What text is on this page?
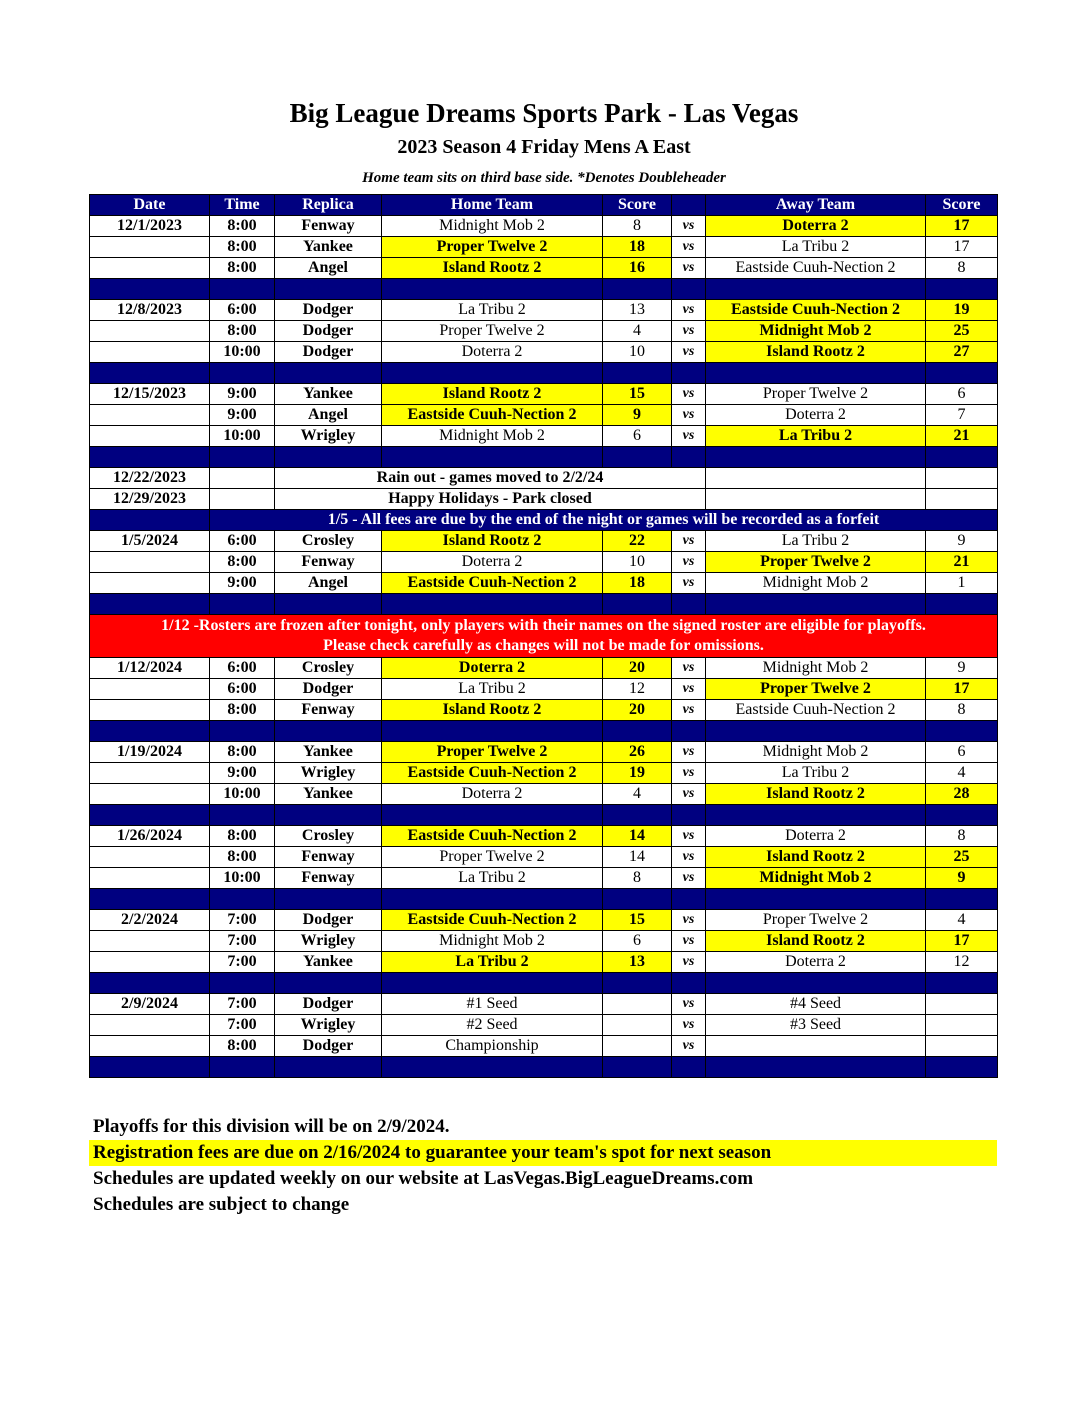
Big League Dreams Sports Park - Las Vegas
2023 Season 4 Friday Mens A East
Home team sits on third base side. *Denotes Doubleheader
Date	Time	Replica	Home Team	Score		Away Team	Score
12/1/2023	8:00	Fenway	Midnight Mob 2	8	vs	Doterra 2	17
	8:00	Yankee	Proper Twelve 2	18	vs	La Tribu 2	17
	8:00	Angel	Island Rootz 2	16	vs	Eastside Cuuh-Nection 2	8

12/8/2023	6:00	Dodger	La Tribu 2	13	vs	Eastside Cuuh-Nection 2	19
	8:00	Dodger	Proper Twelve 2	4	vs	Midnight Mob 2	25
	10:00	Dodger	Doterra 2	10	vs	Island Rootz 2	27

12/15/2023	9:00	Yankee	Island Rootz 2	15	vs	Proper Twelve 2	6
	9:00	Angel	Eastside Cuuh-Nection 2	9	vs	Doterra 2	7
	10:00	Wrigley	Midnight Mob 2	6	vs	La Tribu 2	21

12/22/2023		Rain out - games moved to 2/2/24					
12/29/2023		Happy Holidays - Park closed					
	1/5 - All fees are due by the end of the night or games will be recorded as a forfeit						
1/5/2024	6:00	Crosley	Island Rootz 2	22	vs	La Tribu 2	9
	8:00	Fenway	Doterra 2	10	vs	Proper Twelve 2	21
	9:00	Angel	Eastside Cuuh-Nection 2	18	vs	Midnight Mob 2	1

1/12 -Rosters are frozen after tonight, only players with their names on the signed roster are eligible for playoffs.
Please check carefully as changes will not be made for omissions.							

1/12/2024	6:00	Crosley	Doterra 2	20	vs	Midnight Mob 2	9
	6:00	Dodger	La Tribu 2	12	vs	Proper Twelve 2	17
	8:00	Fenway	Island Rootz 2	20	vs	Eastside Cuuh-Nection 2	8

1/19/2024	8:00	Yankee	Proper Twelve 2	26	vs	Midnight Mob 2	6
	9:00	Wrigley	Eastside Cuuh-Nection 2	19	vs	La Tribu 2	4
	10:00	Yankee	Doterra 2	4	vs	Island Rootz 2	28

1/26/2024	8:00	Crosley	Eastside Cuuh-Nection 2	14	vs	Doterra 2	8
	8:00	Fenway	Proper Twelve 2	14	vs	Island Rootz 2	25
	10:00	Fenway	La Tribu 2	8	vs	Midnight Mob 2	9

2/2/2024	7:00	Dodger	Eastside Cuuh-Nection 2	15	vs	Proper Twelve 2	4
	7:00	Wrigley	Midnight Mob 2	6	vs	Island Rootz 2	17
	7:00	Yankee	La Tribu 2	13	vs	Doterra 2	12

2/9/2024	7:00	Dodger	#1 Seed		vs	#4 Seed	
	7:00	Wrigley	#2 Seed		vs	#3 Seed	
	8:00	Dodger	Championship		vs		

Playoffs for this division will be on 2/9/2024.
Registration fees are due on 2/16/2024 to guarantee your team's spot for next season
Schedules are updated weekly on our website at LasVegas.BigLeagueDreams.com
Schedules are subject to change
